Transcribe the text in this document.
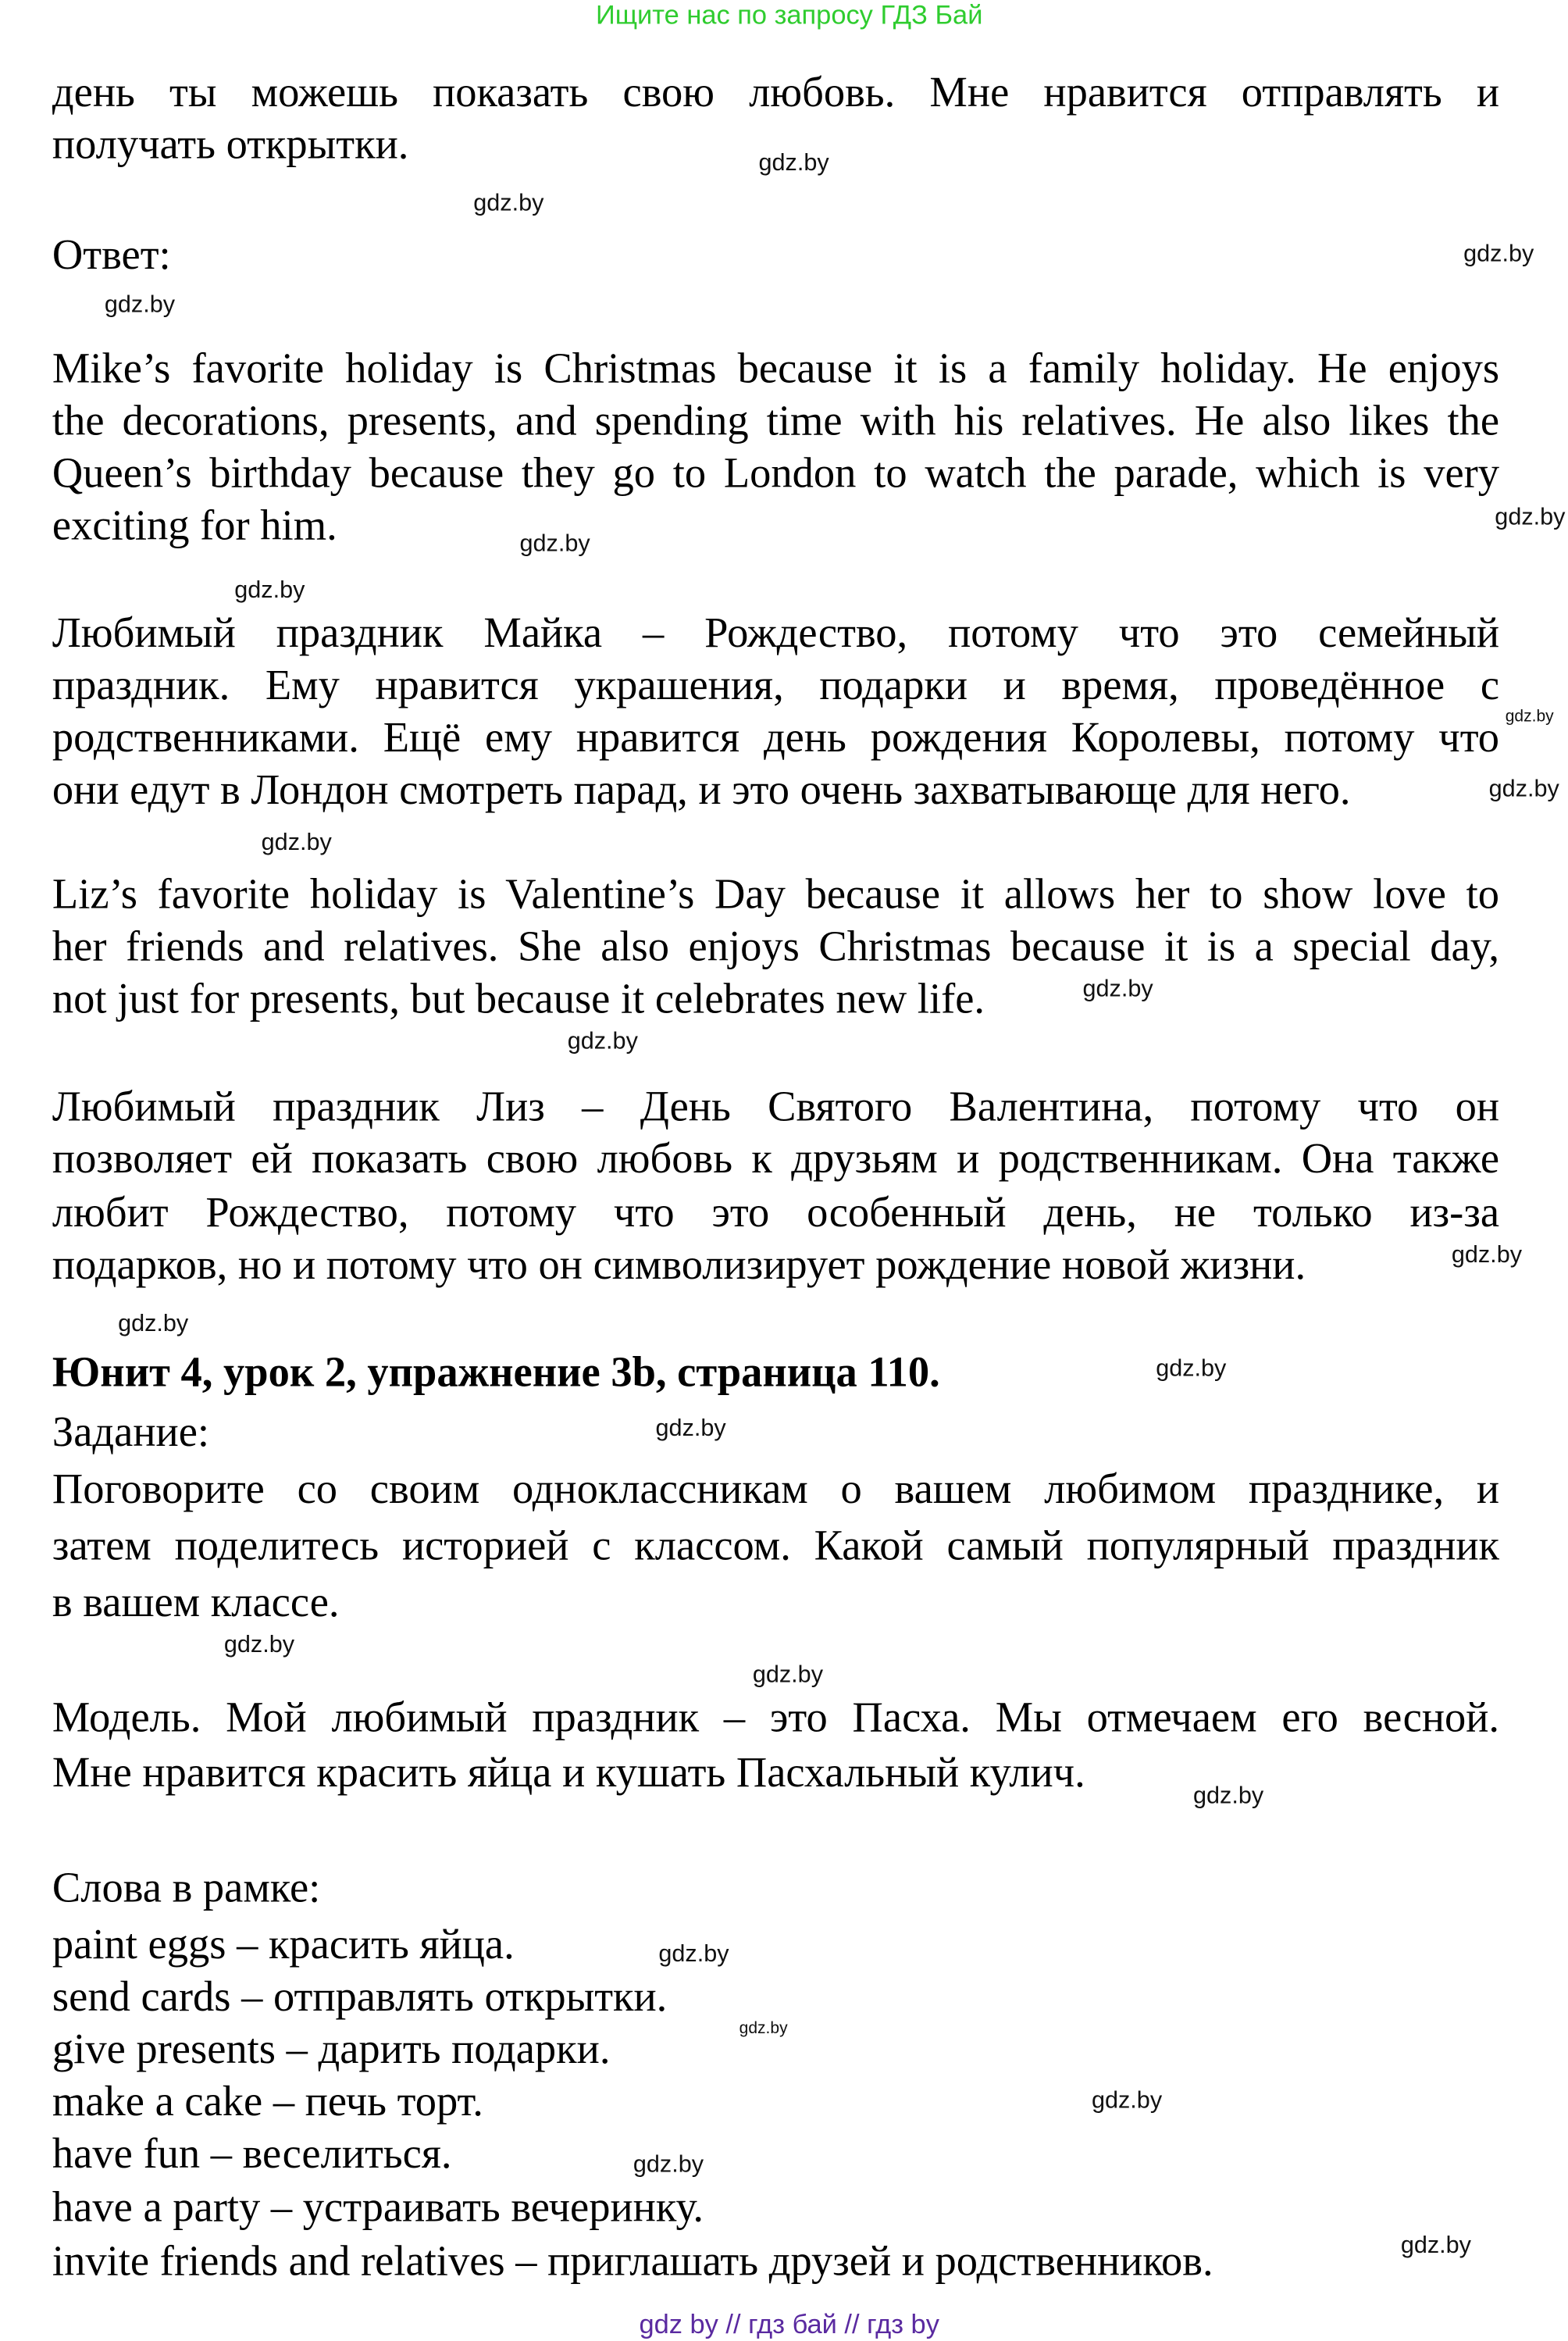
Ищите нас по запросу ГДЗ Бай
день ты можешь показать свою любовь. Мне нравится отправлять и
получать открытки.
Ответ:
Mike’s favorite holiday is Christmas because it is a family holiday. He enjoys
the decorations, presents, and spending time with his relatives. He also likes the
Queen’s birthday because they go to London to watch the parade, which is very
exciting for him.
Любимый праздник Майка – Рождество, потому что это семейный
праздник. Ему нравится украшения, подарки и время, проведённое с
родственниками. Ещё ему нравится день рождения Королевы, потому что
они едут в Лондон смотреть парад, и это очень захватывающе для него.
Liz’s favorite holiday is Valentine’s Day because it allows her to show love to
her friends and relatives. She also enjoys Christmas because it is a special day,
not just for presents, but because it celebrates new life.
Любимый праздник Лиз – День Святого Валентина, потому что он
позволяет ей показать свою любовь к друзьям и родственникам. Она также
любит Рождество, потому что это особенный день, не только из-за
подарков, но и потому что он символизирует рождение новой жизни.
Юнит 4, урок 2, упражнение 3b, страница 110.
Задание:
Поговорите со своим одноклассникам о вашем любимом празднике, и
затем поделитесь историей с классом. Какой самый популярный праздник
в вашем классе.
Модель. Мой любимый праздник – это Пасха. Мы отмечаем его весной.
Мне нравится красить яйца и кушать Пасхальный кулич.
Слова в рамке:
paint eggs – красить яйца.
send cards – отправлять открытки.
give presents – дарить подарки.
make a cake – печь торт.
have fun – веселиться.
have a party – устраивать вечеринку.
invite friends and relatives – приглашать друзей и родственников.
gdz.by
gdz.by
gdz.by
gdz.by
gdz.by
gdz.by
gdz.by
gdz.by
gdz.by
gdz.by
gdz.by
gdz.by
gdz.by
gdz.by
gdz.by
gdz.by
gdz.by
gdz.by
gdz.by
gdz.by
gdz.by
gdz.by
gdz.by
gdz.by
gdz by // гдз бай // гдз by
